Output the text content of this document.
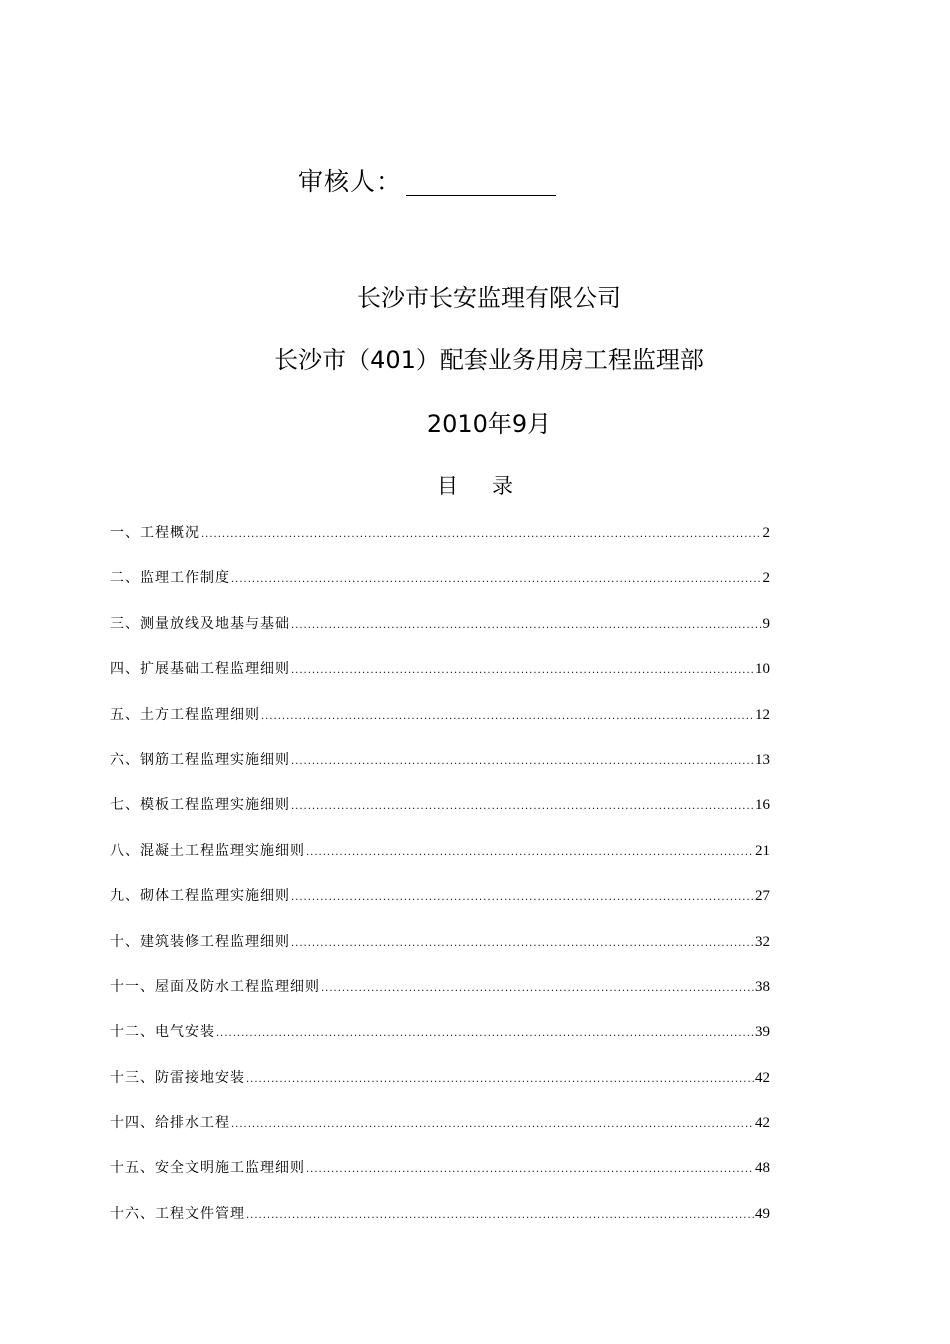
审核人：
长沙市长安监理有限公司
长沙市（401）配套业务用房工程监理部
2010年9月
目录
一、工程概况 .....	2
二、监理工作制度 .....	2
三、测量放线及地基与基础 .....	9
四、扩展基础工程监理细则 .....	10
五、土方工程监理细则 .....	12
六、钢筋工程监理实施细则 .....	13
七、模板工程监理实施细则 .....	16
八、混凝土工程监理实施细则 .....	21
九、砌体工程监理实施细则 .....	27
十、建筑装修工程监理细则 .....	32
十一、屋面及防水工程监理细则 .....	38
十二、电气安装 .....	39
十三、防雷接地安装 .....	42
十四、给排水工程 .....	42
十五、安全文明施工监理细则 .....	48
十六、工程文件管理 .....	49
